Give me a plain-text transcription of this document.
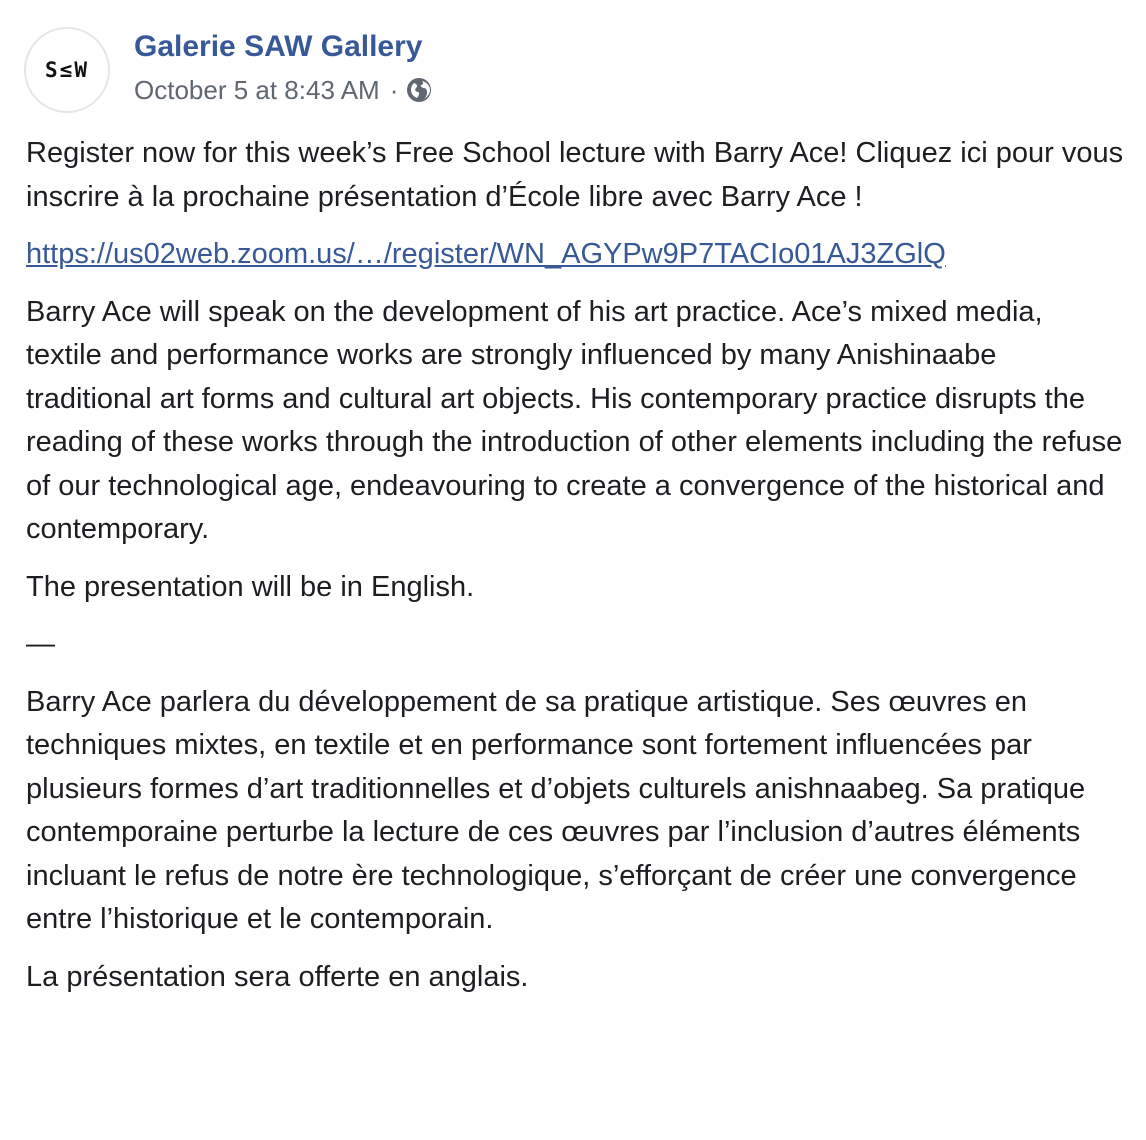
S≤W
Galerie SAW Gallery
October 5 at 8:43 AM ·

Register now for this week’s Free School lecture with Barry Ace! Cliquez ici pour vous inscrire à la prochaine présentation d’École libre avec Barry Ace !

https://us02web.zoom.us/…/register/WN_AGYPw9P7TACIo01AJ3ZGlQ

Barry Ace will speak on the development of his art practice. Ace’s mixed media, textile and performance works are strongly influenced by many Anishinaabe traditional art forms and cultural art objects. His contemporary practice disrupts the reading of these works through the introduction of other elements including the refuse of our technological age, endeavouring to create a convergence of the historical and contemporary.

The presentation will be in English.

—

Barry Ace parlera du développement de sa pratique artistique. Ses œuvres en techniques mixtes, en textile et en performance sont fortement influencées par plusieurs formes d’art traditionnelles et d’objets culturels anishnaabeg. Sa pratique contemporaine perturbe la lecture de ces œuvres par l’inclusion d’autres éléments incluant le refus de notre ère technologique, s’efforçant de créer une convergence entre l’historique et le contemporain.

La présentation sera offerte en anglais.
